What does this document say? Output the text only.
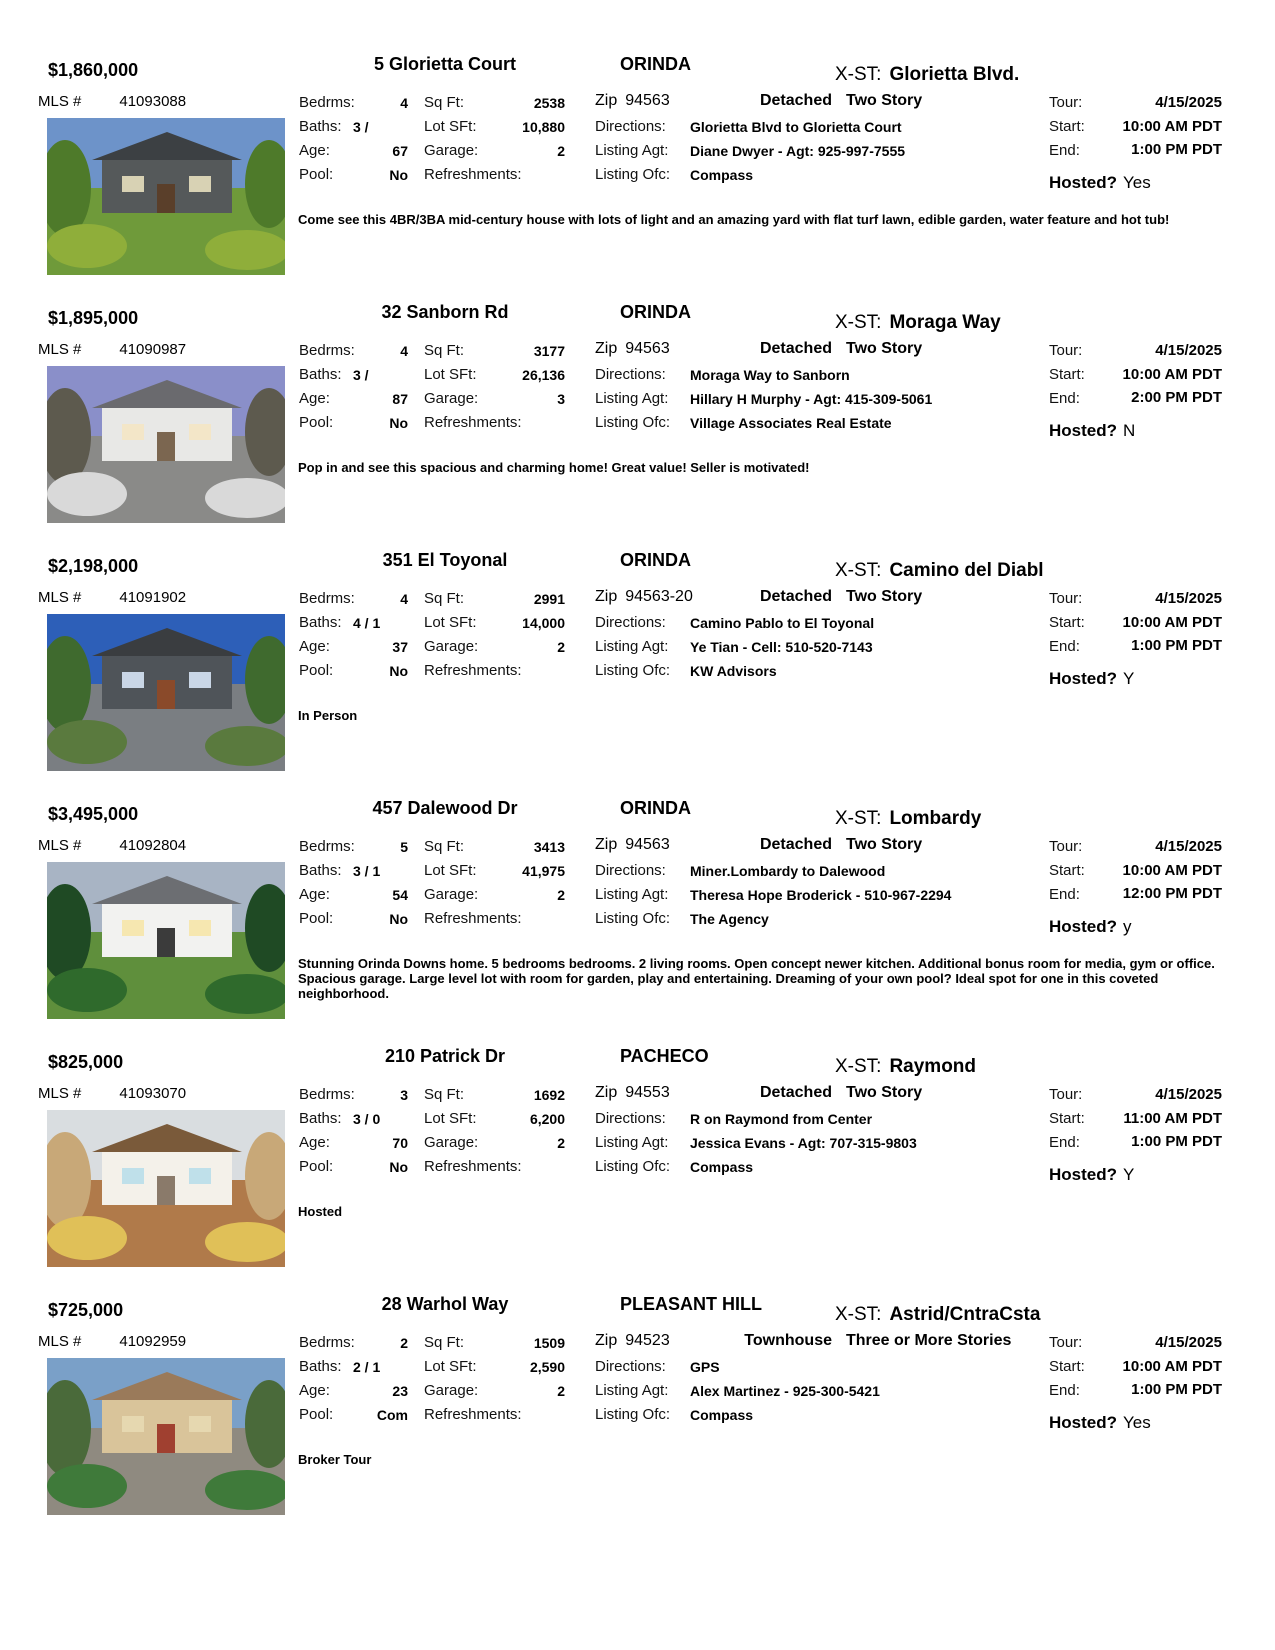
$1,860,000	5 Glorietta Court	ORINDA	X-ST: Glorietta Blvd.
MLS #	41093088	Bedrms:	4
Baths: 3 /
Age:	67
Pool:	No
Sq Ft:	2538
Lot SFt:	10,880
Garage:	2
Refreshments:
Zip 94563	Detached Two Story
Directions: Glorietta Blvd to Glorietta Court
Listing Agt: Diane Dwyer - Agt: 925-997-7555
Listing Ofc: Compass
Tour:	4/15/2025
Start:	10:00 AM PDT
End:	1:00 PM PDT
Hosted? Yes
Come see this 4BR/3BA mid-century house with lots of light and an amazing yard with flat turf lawn, edible garden, water feature and hot tub!
$1,895,000	32 Sanborn Rd	ORINDA	X-ST: Moraga Way
MLS #	41090987	Bedrms:	4
Baths: 3 /
Age:	87
Pool:	No
Sq Ft:	3177
Lot SFt:	26,136
Garage:	3
Refreshments:
Zip 94563	Detached Two Story
Directions: Moraga Way to Sanborn
Listing Agt: Hillary H Murphy - Agt: 415-309-5061
Listing Ofc: Village Associates Real Estate
Tour:	4/15/2025
Start:	10:00 AM PDT
End:	2:00 PM PDT
Hosted? N
Pop in and see this spacious and charming home! Great value! Seller is motivated!
$2,198,000	351 El Toyonal	ORINDA	X-ST: Camino del Diabl
MLS #	41091902	Bedrms:	4
Baths: 4 / 1
Age:	37
Pool:	No
Sq Ft:	2991
Lot SFt:	14,000
Garage:	2
Refreshments:
Zip 94563-20	Detached Two Story
Directions: Camino Pablo to El Toyonal
Listing Agt: Ye Tian - Cell: 510-520-7143
Listing Ofc: KW Advisors
Tour:	4/15/2025
Start:	10:00 AM PDT
End:	1:00 PM PDT
Hosted? Y
In Person
$3,495,000	457 Dalewood Dr	ORINDA	X-ST: Lombardy
MLS #	41092804	Bedrms:	5
Baths: 3 / 1
Age:	54
Pool:	No
Sq Ft:	3413
Lot SFt:	41,975
Garage:	2
Refreshments:
Zip 94563	Detached Two Story
Directions: Miner.Lombardy to Dalewood
Listing Agt: Theresa Hope Broderick - 510-967-2294
Listing Ofc: The Agency
Tour:	4/15/2025
Start:	10:00 AM PDT
End:	12:00 PM PDT
Hosted? y
Stunning Orinda Downs home. 5 bedrooms bedrooms. 2 living rooms. Open concept newer kitchen. Additional bonus room for media, gym or office. Spacious garage. Large level lot with room for garden, play and entertaining. Dreaming of your own pool? Ideal spot for one in this coveted neighborhood.
$825,000	210 Patrick Dr	PACHECO	X-ST: Raymond
MLS #	41093070	Bedrms:	3
Baths: 3 / 0
Age:	70
Pool:	No
Sq Ft:	1692
Lot SFt:	6,200
Garage:	2
Refreshments:
Zip 94553	Detached Two Story
Directions: R on Raymond from Center
Listing Agt: Jessica Evans - Agt: 707-315-9803
Listing Ofc: Compass
Tour:	4/15/2025
Start:	11:00 AM PDT
End:	1:00 PM PDT
Hosted? Y
Hosted
$725,000	28 Warhol Way	PLEASANT HILL	X-ST: Astrid/CntraCsta
MLS #	41092959	Bedrms:	2
Baths: 2 / 1
Age:	23
Pool:	Com
Sq Ft:	1509
Lot SFt:	2,590
Garage:	2
Refreshments:
Zip 94523	Townhouse Three or More Stories
Directions: GPS
Listing Agt: Alex Martinez - 925-300-5421
Listing Ofc: Compass
Tour:	4/15/2025
Start:	10:00 AM PDT
End:	1:00 PM PDT
Hosted? Yes
Broker Tour
